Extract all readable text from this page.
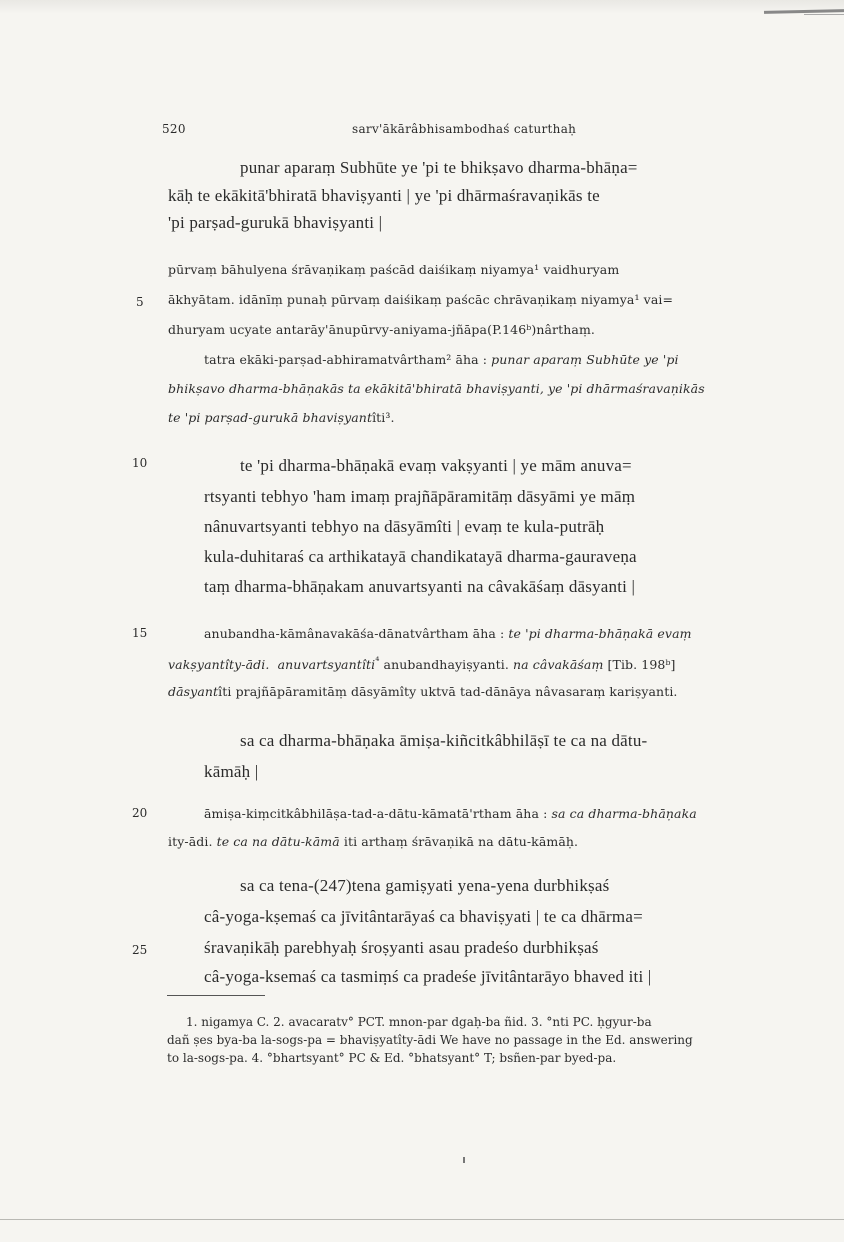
520	sarv'ākārâbhisambodhaś caturthaḥ
5
10
15
20
25
punar aparaṃ Subhūte ye 'pi te bhikṣavo dharma-bhāṇa=
kāḥ te ekākitā'bhiratā bhaviṣyanti | ye 'pi dhārmaśravaṇikās te
'pi parṣad-gurukā bhaviṣyanti |
pūrvaṃ bāhulyena śrāvaṇikaṃ paścād daiśikaṃ niyamya¹ vaidhuryam
ākhyātam. idānīṃ punaḥ pūrvaṃ daiśikaṃ paścāc chrāvaṇikaṃ niyamya¹ vai=
dhuryam ucyate antarāy'ānupūrvy-aniyama-jñāpa(P.146ᵇ)nârthaṃ.
tatra ekāki-parṣad-abhiramatvârtham² āha : punar aparaṃ Subhūte ye 'pi
bhikṣavo dharma-bhāṇakās ta ekākitā'bhiratā bhaviṣyanti, ye 'pi dhārmaśravaṇikās
te 'pi parṣad-gurukā bhaviṣyantîti³.
te 'pi dharma-bhāṇakā evaṃ vakṣyanti | ye mām anuva=
rtsyanti tebhyo 'ham imaṃ prajñāpāramitāṃ dāsyāmi ye māṃ
nânuvartsyanti tebhyo na dāsyāmîti | evaṃ te kula-putrāḥ
kula-duhitaraś ca arthikatayā chandikatayā dharma-gauraveṇa
taṃ dharma-bhāṇakam anuvartsyanti na câvakāśaṃ dāsyanti |
anubandha-kāmânavakāśa-dānatvârtham āha : te 'pi dharma-bhāṇakā evaṃ
vakṣyantîty-ādi. anuvartsyantîti$^{^4}$ anubandhayiṣyanti. na câvakāśaṃ [Tib. 198ᵇ]
dāsyantîti prajñāpāramitāṃ dāsyāmîty uktvā tad-dānāya nâvasaraṃ kariṣyanti.
sa ca dharma-bhāṇaka āmiṣa-kiñcitkâbhilāṣī te ca na dātu-
kāmāḥ |
āmiṣa-kiṃcitkâbhilāṣa-tad-a-dātu-kāmatā'rtham āha : sa ca dharma-bhāṇaka
ity-ādi. te ca na dātu-kāmā iti arthaṃ śrāvaṇikā na dātu-kāmāḥ.
sa ca tena-(247)tena gamiṣyati yena-yena durbhikṣaś
câ-yoga-kṣemaś ca jīvitântarāyaś ca bhaviṣyati | te ca dhārma=
śravaṇikāḥ parebhyaḥ śroṣyanti asau pradeśo durbhikṣaś
câ-yoga-ksemaś ca tasmiṃś ca pradeśe jīvitântarāyo bhaved iti |
1. nigamya C. 2. avacaratv° PCT. mnon-par dgaḥ-ba ñid. 3. °nti PC. ḥgyur-ba
dañ ṣes bya-ba la-sogs-pa = bhaviṣyatîty-ādi We have no passage in the Ed. answering
to la-sogs-pa. 4. °bhartsyant° PC & Ed. °bhatsyant° T; bsñen-par byed-pa.
